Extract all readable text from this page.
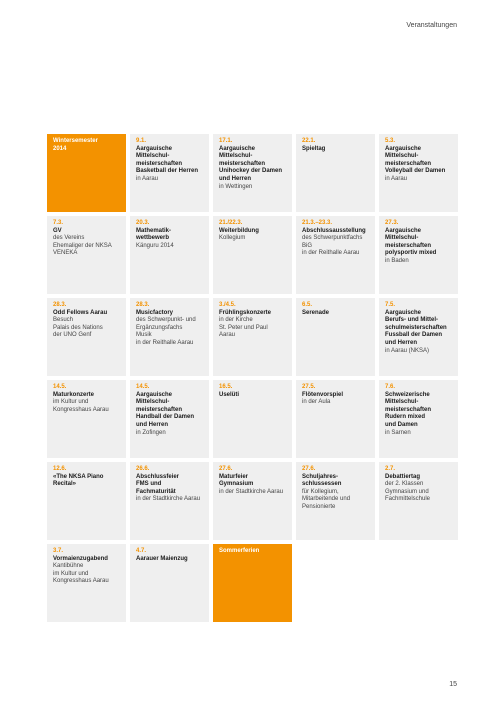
Veranstaltungen
Wintersemester
2014
9.1.
Aargauische
Mittelschul-
meisterschaften
Basketball der Herren
in Aarau
17.1.
Aargauische
Mittelschul-
meisterschaften
Unihockey der Damen
und Herren
in Wettingen
22.1.
Spieltag
5.3.
Aargauische
Mittelschul-
meisterschaften
Volleyball der Damen
in Aarau
7.3.
GV
des Vereins
Ehemaliger der NKSA
VENEKA
20.3.
Mathematik-
wettbewerb
Känguru 2014
21./22.3.
Weiterbildung
Kollegium
21.3.–23.3.
Abschlussausstellung
des Schwerpunktfachs
BiG
in der Reithalle Aarau
27.3.
Aargauische
Mittelschul-
meisterschaften
polysportiv mixed
in Baden
28.3.
Odd Fellows Aarau
Besuch
Palais des Nations
der UNO Genf
28.3.
Musicfactory
des Schwerpunkt- und
Ergänzungsfachs
Musik
in der Reithalle Aarau
3./4.5.
Frühlingskonzerte
in der Kirche
St. Peter und Paul
Aarau
6.5.
Serenade
7.5.
Aargauische
Berufs- und Mittel-
schulmeisterschaften
Fussball der Damen
und Herren
in Aarau (NKSA)
14.5.
Maturkonzerte
im Kultur und
Kongresshaus Aarau
14.5.
Aargauische
Mittelschul-
meisterschaften
Handball der Damen
und Herren
in Zofingen
16.5.
Uselüti
27.5.
Flötenvorspiel
in der Aula
7.6.
Schweizerische
Mittelschul-
meisterschaften
Rudern mixed
und Damen
in Sarnen
12.6.
«The NKSA Piano
Recital»
26.6.
Abschlussfeier
FMS und
Fachmaturität
in der Stadtkirche Aarau
27.6.
Maturfeier
Gymnasium
in der Stadtkirche Aarau
27.6.
Schuljahres-
schlussessen
für Kollegium,
Mitarbeitende und
Pensionierte
2.7.
Debattiertag
der 2. Klassen
Gymnasium und
Fachmittelschule
3.7.
Vormaienzugabend
Kantibühne
im Kultur und
Kongresshaus Aarau
4.7.
Aarauer Maienzug
Sommerferien
15
